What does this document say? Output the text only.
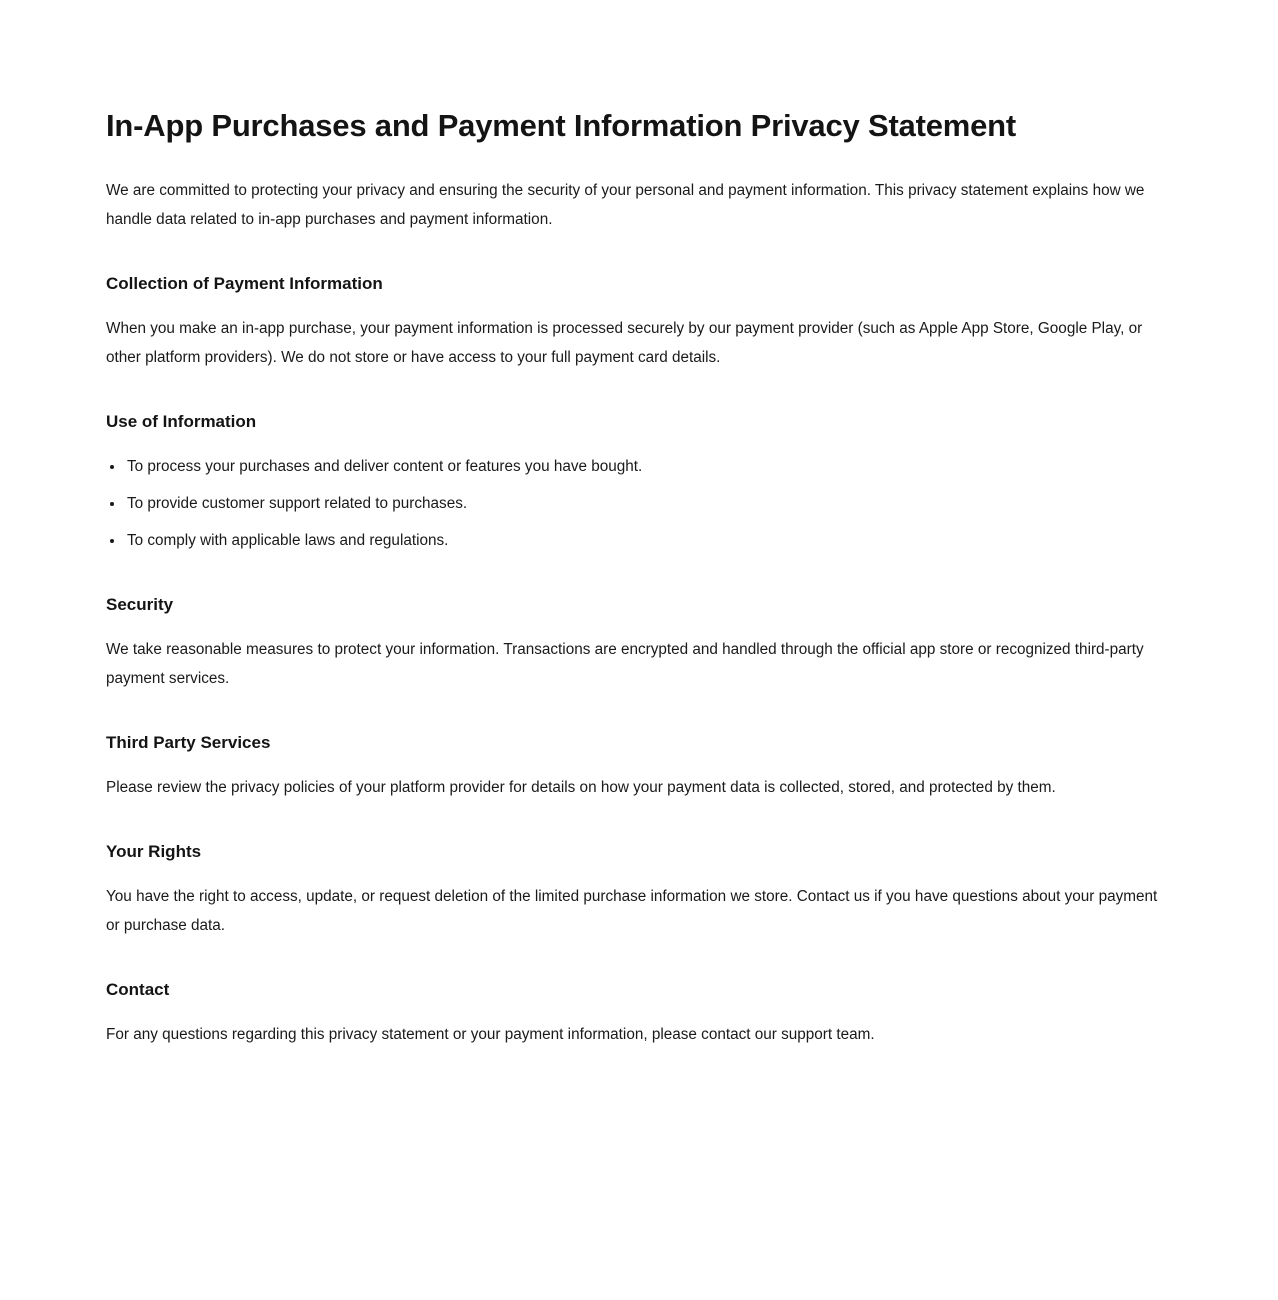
In-App Purchases and Payment Information Privacy Statement

We are committed to protecting your privacy and ensuring the security of your personal and payment information. This privacy statement explains how we handle data related to in-app purchases and payment information.

Collection of Payment Information

When you make an in-app purchase, your payment information is processed securely by our payment provider (such as Apple App Store, Google Play, or other platform providers). We do not store or have access to your full payment card details.

Use of Information
To process your purchases and deliver content or features you have bought.
To provide customer support related to purchases.
To comply with applicable laws and regulations.
Security

We take reasonable measures to protect your information. Transactions are encrypted and handled through the official app store or recognized third-party payment services.

Third Party Services

Please review the privacy policies of your platform provider for details on how your payment data is collected, stored, and protected by them.

Your Rights

You have the right to access, update, or request deletion of the limited purchase information we store. Contact us if you have questions about your payment or purchase data.

Contact

For any questions regarding this privacy statement or your payment information, please contact our support team.
